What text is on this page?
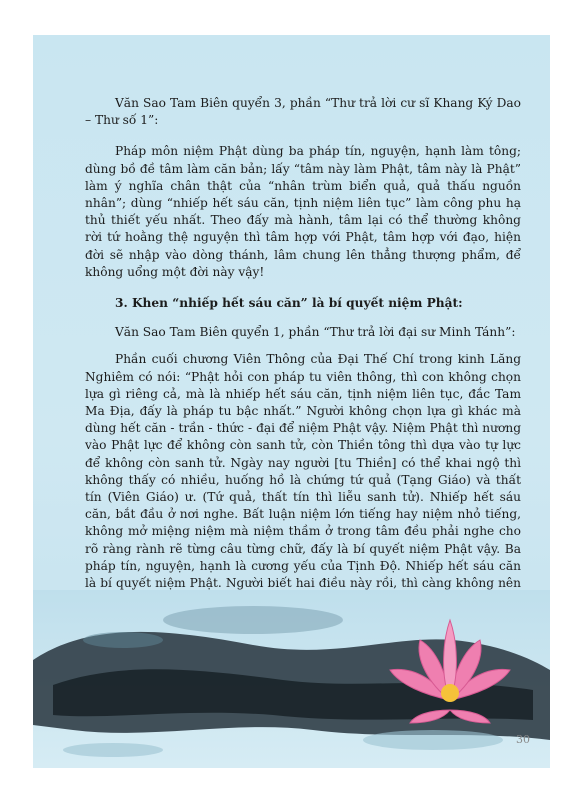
Văn Sao Tam Biên quyển 3, phần “Thư trả lời cư sĩ Khang Ký Dao – Thư số 1”:

Pháp môn niệm Phật dùng ba pháp tín, nguyện, hạnh làm tông; dùng bồ đề tâm làm căn bản; lấy “tâm này làm Phật, tâm này là Phật” làm ý nghĩa chân thật của “nhân trùm biển quả, quả thấu nguồn nhân”; dùng “nhiếp hết sáu căn, tịnh niệm liên tục” làm công phu hạ thủ thiết yếu nhất. Theo đấy mà hành, tâm lại có thể thường không rời tứ hoằng thệ nguyện thì tâm hợp với Phật, tâm hợp với đạo, hiện đời sẽ nhập vào dòng thánh, lâm chung lên thẳng thượng phẩm, để không uổng một đời này vậy!

3. Khen “nhiếp hết sáu căn” là bí quyết niệm Phật:

Văn Sao Tam Biên quyển 1, phần “Thư trả lời đại sư Minh Tánh”:

Phần cuối chương Viên Thông của Đại Thế Chí trong kinh Lăng Nghiêm có nói: “Phật hỏi con pháp tu viên thông, thì con không chọn lựa gì riêng cả, mà là nhiếp hết sáu căn, tịnh niệm liên tục, đắc Tam Ma Địa, đấy là pháp tu bậc nhất.” Người không chọn lựa gì khác mà dùng hết căn - trần - thức - đại để niệm Phật vậy. Niệm Phật thì nương vào Phật lực để không còn sanh tử, còn Thiền tông thì dựa vào tự lực để không còn sanh tử. Ngày nay người [tu Thiền] có thể khai ngộ thì không thấy có nhiều, huống hồ là chứng tứ quả (Tạng Giáo) và thất tín (Viên Giáo) ư. (Tứ quả, thất tín thì liễu sanh tử). Nhiếp hết sáu căn, bắt đầu ở nơi nghe. Bất luận niệm lớn tiếng hay niệm nhỏ tiếng, không mở miệng niệm mà niệm thầm ở trong tâm đều phải nghe cho rõ ràng rành rẽ từng câu từng chữ, đấy là bí quyết niệm Phật vậy. Ba pháp tín, nguyện, hạnh là cương yếu của Tịnh Độ. Nhiếp hết sáu căn là bí quyết niệm Phật. Người biết hai điều này rồi, thì càng không nên

30
